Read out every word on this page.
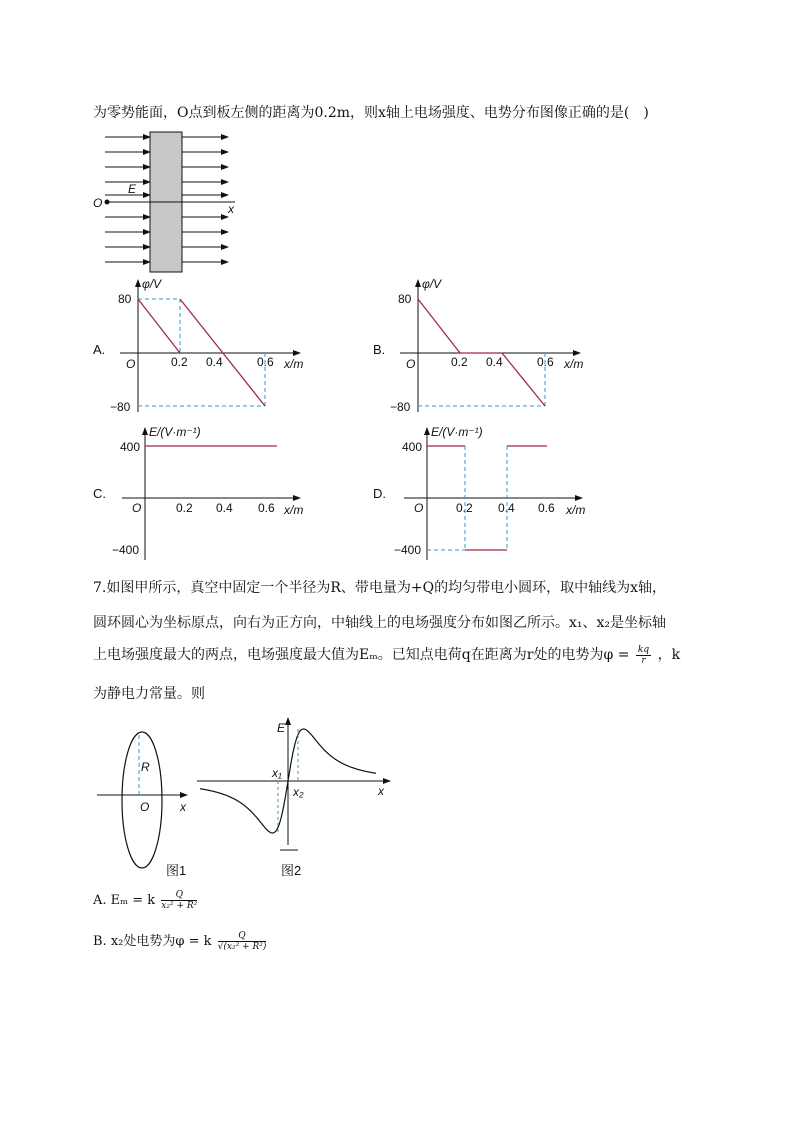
为零势能面，O点到板左侧的距离为0.2m，则x轴上电场强度、电势分布图像正确的是(　)
E
O	x
A.	B.
C.	D.
φ/V
80
−80
O	0.2 0.4	0.6 x/m
φ/V
80
−80
O	0.2 0.4	0.6 x/m
E/(V·m⁻¹)
400
−400
O	0.2 0.4 0.6 x/m
E/(V·m⁻¹)
400
−400
O	0.2 0.4 0.6 x/m
7.如图甲所示，真空中固定一个半径为R、带电量为+Q的均匀带电小圆环，取中轴线为x轴，
圆环圆心为坐标原点，向右为正方向，中轴线上的电场强度分布如图乙所示。x₁、x₂是坐标轴
上电场强度最大的两点，电场强度最大值为Eₘ。已知点电荷q在距离为r处的电势为$\varphi = \frac{kq}{r}$ ，k
为静电力常量。则
R
O	x
图1
E
x₁
x₂	x
图2
A. Eₘ = k $\frac{Q}{\text{x₂² + R²}}$
B. x₂处电势为φ = k $\frac{Q}{\text{√(x₂² + R²)}}$
